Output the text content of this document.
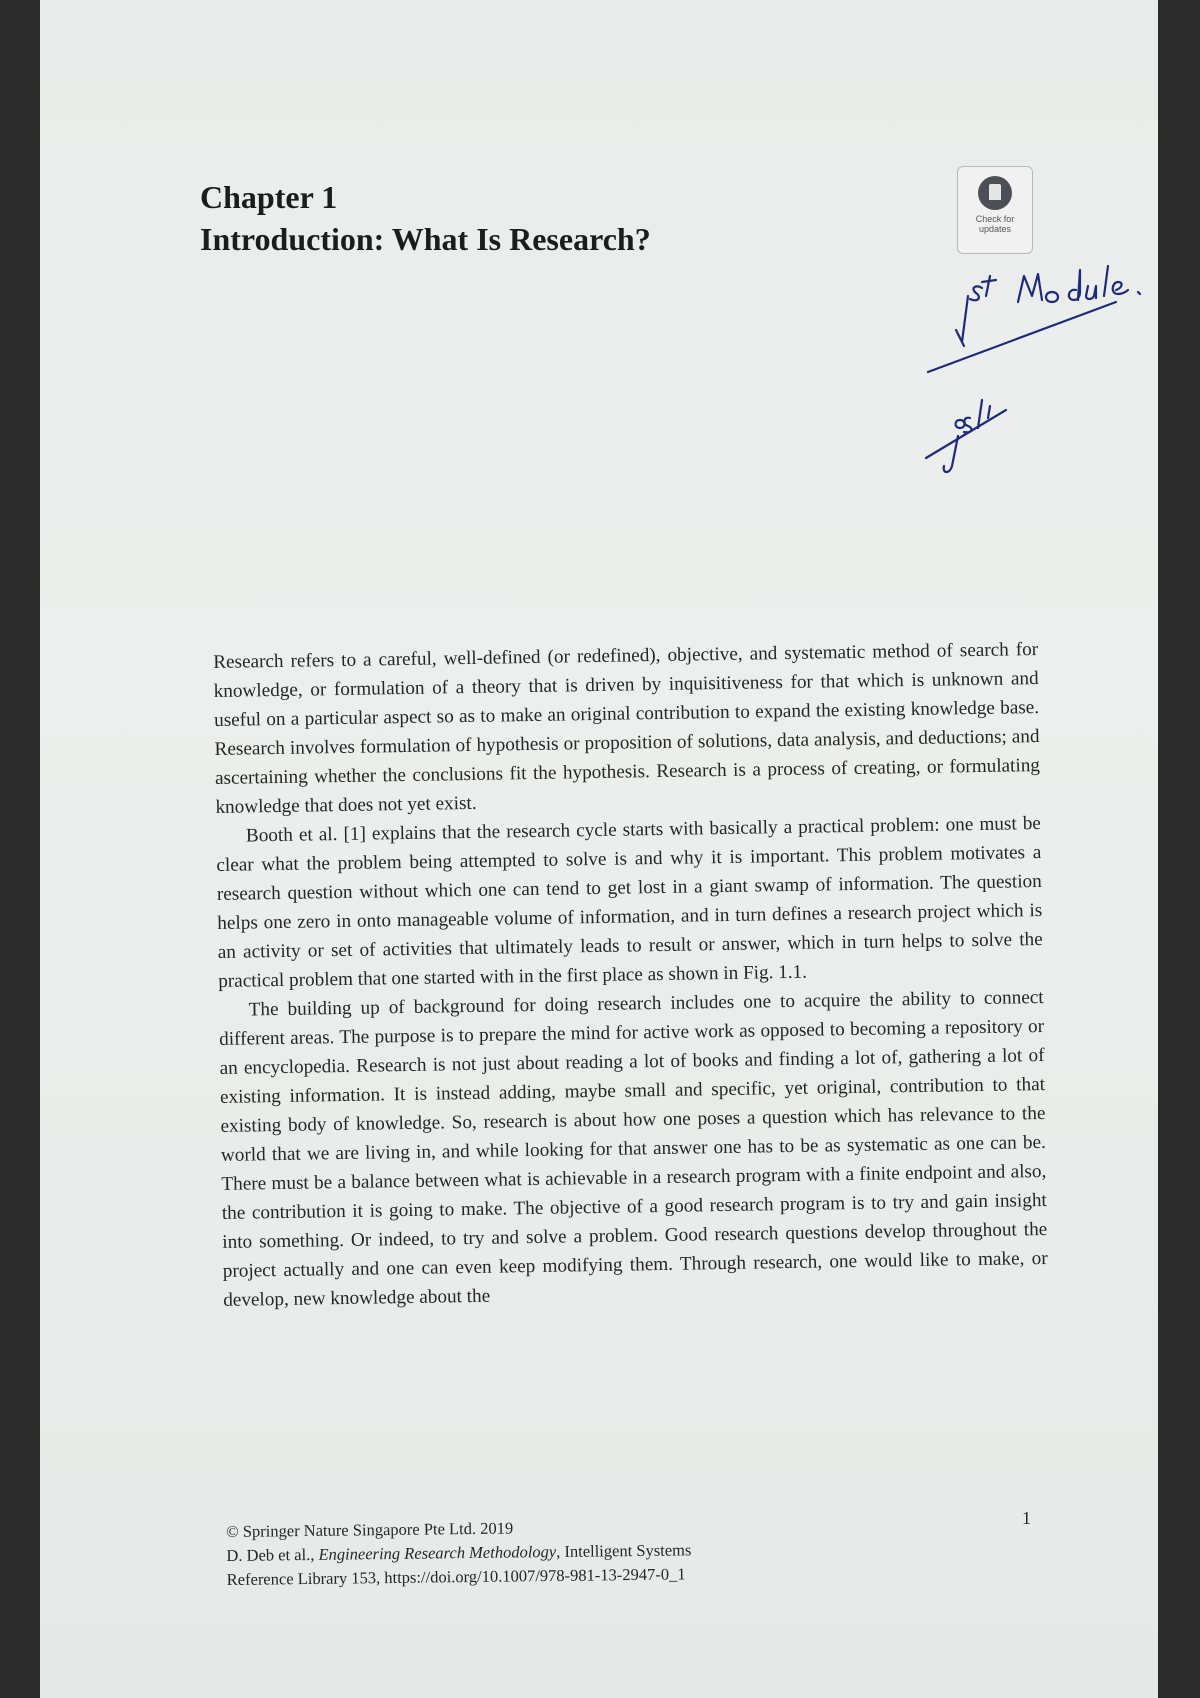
Chapter 1
Introduction: What Is Research?
Check for
updates

Research refers to a careful, well-defined (or redefined), objective, and systematic method of search for knowledge, or formulation of a theory that is driven by inquisitiveness for that which is unknown and useful on a particular aspect so as to make an original contribution to expand the existing knowledge base. Research involves formulation of hypothesis or proposition of solutions, data analysis, and deductions; and ascertaining whether the conclusions fit the hypothesis. Research is a process of creating, or formulating knowledge that does not yet exist.

Booth et al. [1] explains that the research cycle starts with basically a practical problem: one must be clear what the problem being attempted to solve is and why it is important. This problem motivates a research question without which one can tend to get lost in a giant swamp of information. The question helps one zero in onto manageable volume of information, and in turn defines a research project which is an activity or set of activities that ultimately leads to result or answer, which in turn helps to solve the practical problem that one started with in the first place as shown in Fig. 1.1.

The building up of background for doing research includes one to acquire the ability to connect different areas. The purpose is to prepare the mind for active work as opposed to becoming a repository or an encyclopedia. Research is not just about reading a lot of books and finding a lot of, gathering a lot of existing information. It is instead adding, maybe small and specific, yet original, contribution to that existing body of knowledge. So, research is about how one poses a question which has relevance to the world that we are living in, and while looking for that answer one has to be as systematic as one can be. There must be a balance between what is achievable in a research program with a finite endpoint and also, the contribution it is going to make. The objective of a good research program is to try and gain insight into something. Or indeed, to try and solve a problem. Good research questions develop throughout the project actually and one can even keep modifying them. Through research, one would like to make, or develop, new knowledge about the

1
© Springer Nature Singapore Pte Ltd. 2019
D. Deb et al., Engineering Research Methodology, Intelligent Systems
Reference Library 153, https://doi.org/10.1007/978-981-13-2947-0_1
